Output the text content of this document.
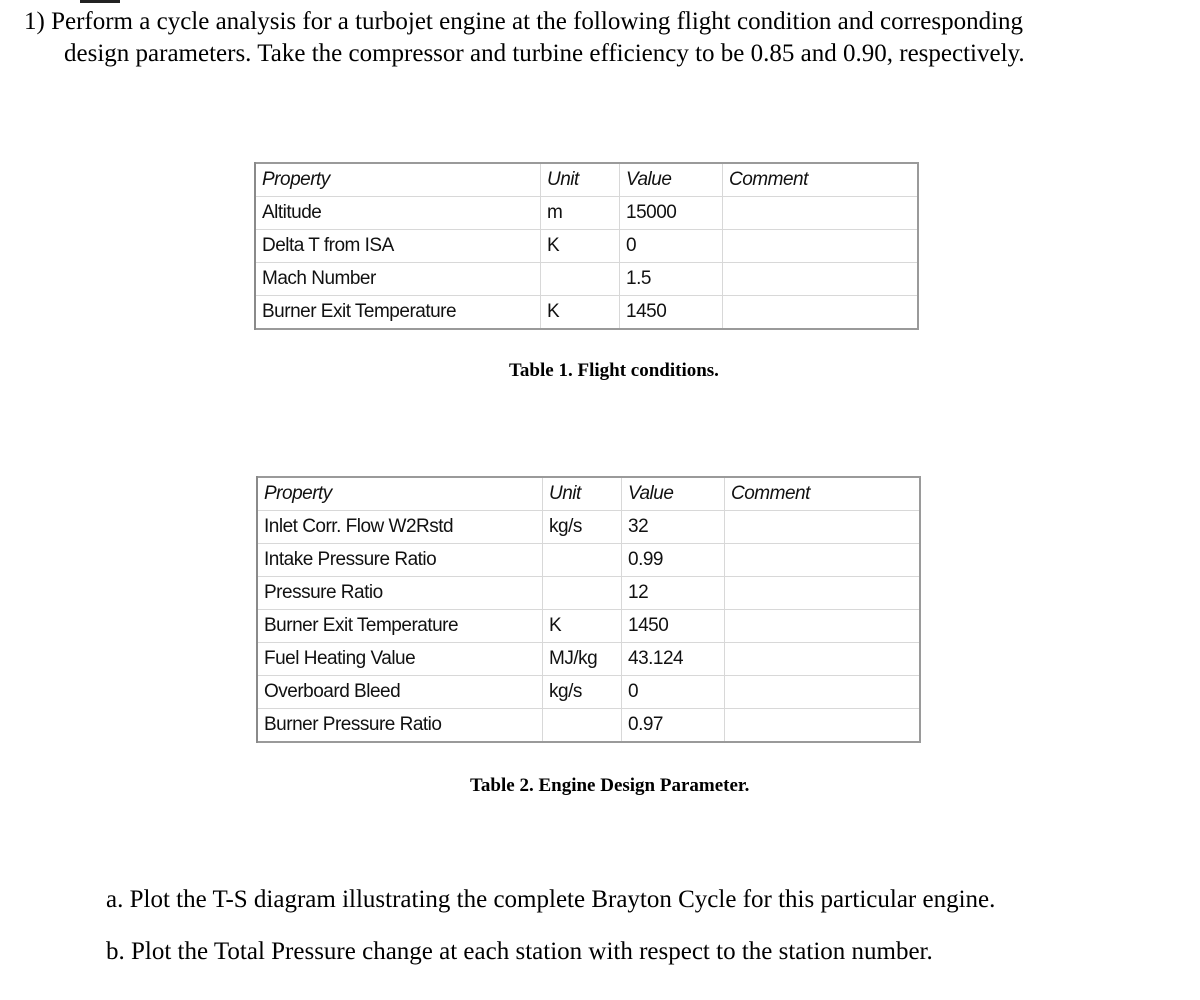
1) Perform a cycle analysis for a turbojet engine at the following flight condition and corresponding
design parameters. Take the compressor and turbine efficiency to be 0.85 and 0.90, respectively.
Property	Unit	Value	Comment
Altitude	m	15000	
Delta T from ISA	K	0	
Mach Number		1.5	
Burner Exit Temperature	K	1450	
Table 1. Flight conditions.
Property	Unit	Value	Comment
Inlet Corr. Flow W2Rstd	kg/s	32	
Intake Pressure Ratio		0.99	
Pressure Ratio		12	
Burner Exit Temperature	K	1450	
Fuel Heating Value	MJ/kg	43.124	
Overboard Bleed	kg/s	0	
Burner Pressure Ratio		0.97	
Table 2. Engine Design Parameter.

a. Plot the T-S diagram illustrating the complete Brayton Cycle for this particular engine.

b. Plot the Total Pressure change at each station with respect to the station number.
